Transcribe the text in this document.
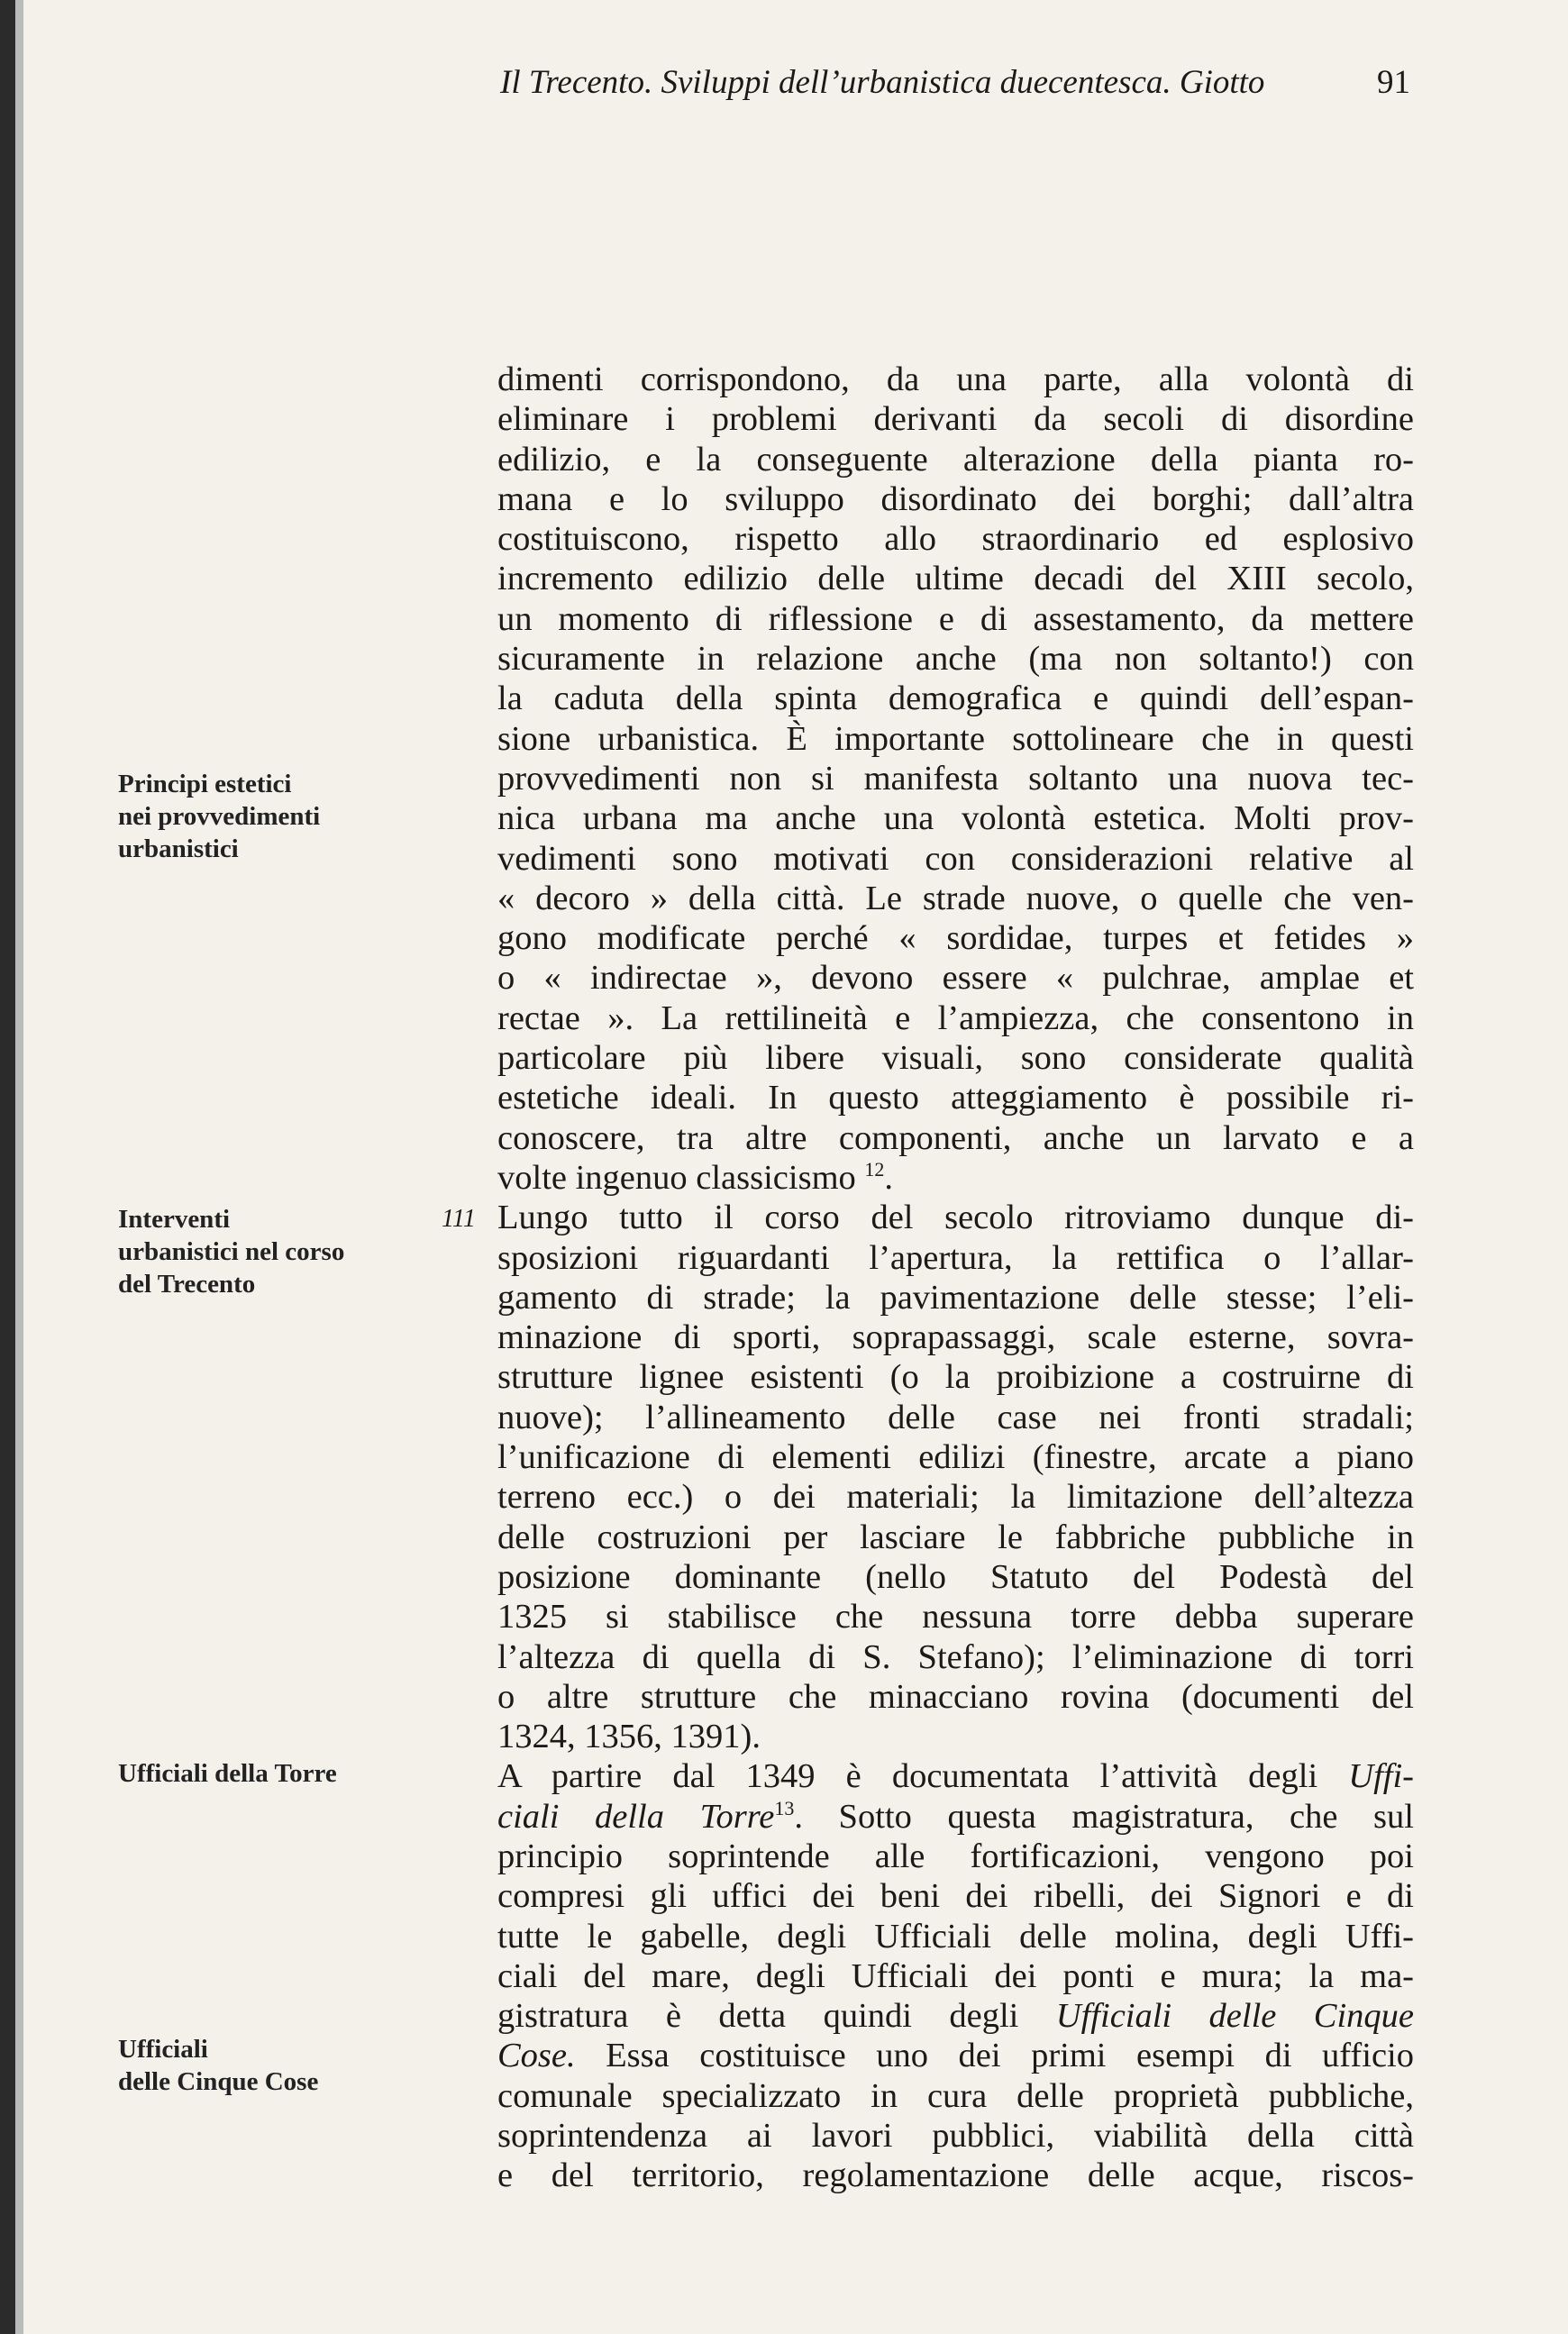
Il Trecento. Sviluppi dell’urbanistica duecentesca. Giotto	91
Principi estetici
nei provvedimenti
urbanistici
Interventi
urbanistici nel corso
del Trecento
Ufficiali della Torre
Ufficiali
delle Cinque Cose
111
dimenti corrispondono, da una parte, alla volontà di
eliminare i problemi derivanti da secoli di disordine
edilizio, e la conseguente alterazione della pianta ro-
mana e lo sviluppo disordinato dei borghi; dall’altra
costituiscono, rispetto allo straordinario ed esplosivo
incremento edilizio delle ultime decadi del XIII secolo,
un momento di riflessione e di assestamento, da mettere
sicuramente in relazione anche (ma non soltanto!) con
la caduta della spinta demografica e quindi dell’espan-
sione urbanistica. È importante sottolineare che in questi
provvedimenti non si manifesta soltanto una nuova tec-
nica urbana ma anche una volontà estetica. Molti prov-
vedimenti sono motivati con considerazioni relative al
« decoro » della città. Le strade nuove, o quelle che ven-
gono modificate perché « sordidae, turpes et fetides »
o « indirectae », devono essere « pulchrae, amplae et
rectae ». La rettilineità e l’ampiezza, che consentono in
particolare più libere visuali, sono considerate qualità
estetiche ideali. In questo atteggiamento è possibile ri-
conoscere, tra altre componenti, anche un larvato e a
volte ingenuo classicismo $^{12}$.
Lungo tutto il corso del secolo ritroviamo dunque di-
sposizioni riguardanti l’apertura, la rettifica o l’allar-
gamento di strade; la pavimentazione delle stesse; l’eli-
minazione di sporti, soprapassaggi, scale esterne, sovra-
strutture lignee esistenti (o la proibizione a costruirne di
nuove); l’allineamento delle case nei fronti stradali;
l’unificazione di elementi edilizi (finestre, arcate a piano
terreno ecc.) o dei materiali; la limitazione dell’altezza
delle costruzioni per lasciare le fabbriche pubbliche in
posizione dominante (nello Statuto del Podestà del
1325 si stabilisce che nessuna torre debba superare
l’altezza di quella di S. Stefano); l’eliminazione di torri
o altre strutture che minacciano rovina (documenti del
1324, 1356, 1391).
A partire dal 1349 è documentata l’attività degli Uffi-
ciali della Torre$^{13}$. Sotto questa magistratura, che sul
principio soprintende alle fortificazioni, vengono poi
compresi gli uffici dei beni dei ribelli, dei Signori e di
tutte le gabelle, degli Ufficiali delle molina, degli Uffi-
ciali del mare, degli Ufficiali dei ponti e mura; la ma-
gistratura è detta quindi degli Ufficiali delle Cinque
Cose. Essa costituisce uno dei primi esempi di ufficio
comunale specializzato in cura delle proprietà pubbliche,
soprintendenza ai lavori pubblici, viabilità della città
e del territorio, regolamentazione delle acque, riscos-
